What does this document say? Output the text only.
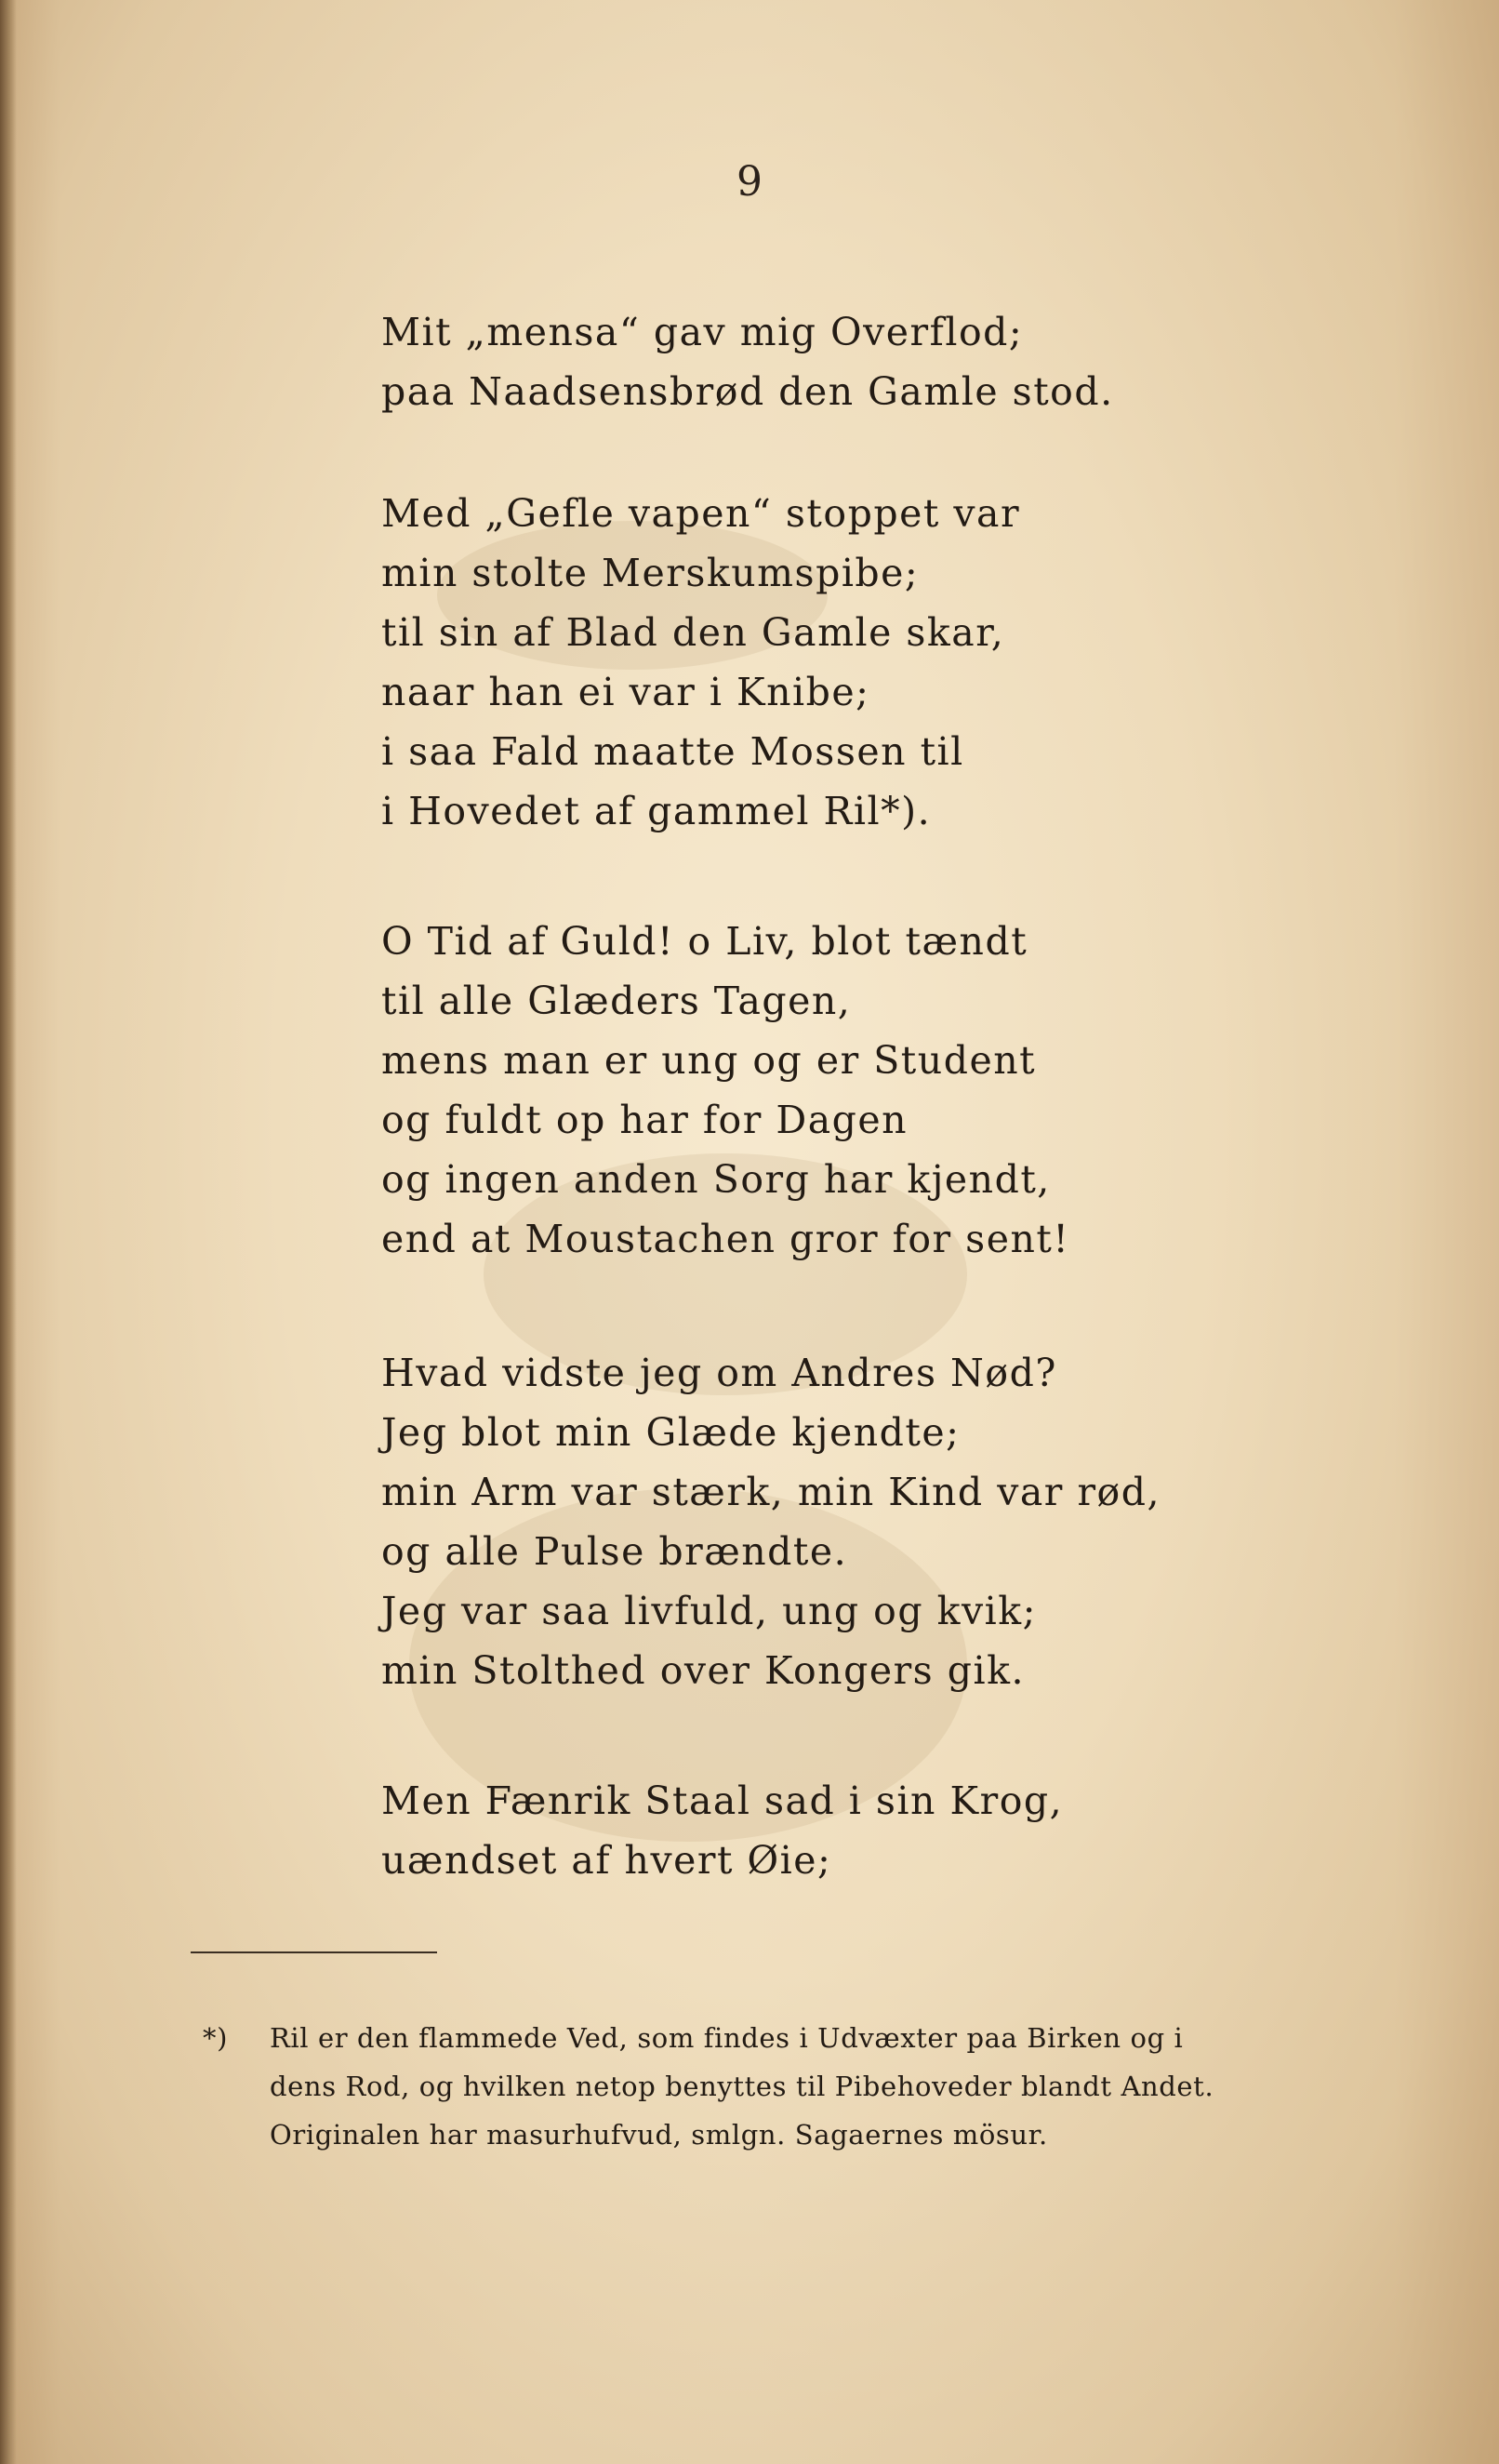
9
Mit „mensa“ gav mig Overflod;
paa Naadsensbrød den Gamle stod.
Med „Gefle vapen“ stoppet var
min stolte Merskumspibe;
til sin af Blad den Gamle skar,
naar han ei var i Knibe;
i saa Fald maatte Mossen til
i Hovedet af gammel Ril*).
O Tid af Guld! o Liv, blot tændt
til alle Glæders Tagen,
mens man er ung og er Student
og fuldt op har for Dagen
og ingen anden Sorg har kjendt,
end at Moustachen gror for sent!
Hvad vidste jeg om Andres Nød?
Jeg blot min Glæde kjendte;
min Arm var stærk, min Kind var rød,
og alle Pulse brændte.
Jeg var saa livfuld, ung og kvik;
min Stolthed over Kongers gik.
Men Fænrik Staal sad i sin Krog,
uændset af hvert Øie;
*) Ril er den flammede Ved, som findes i Udvæxter paa Birken og i
dens Rod, og hvilken netop benyttes til Pibehoveder blandt Andet.
Originalen har masurhufvud, smlgn. Sagaernes mösur.
